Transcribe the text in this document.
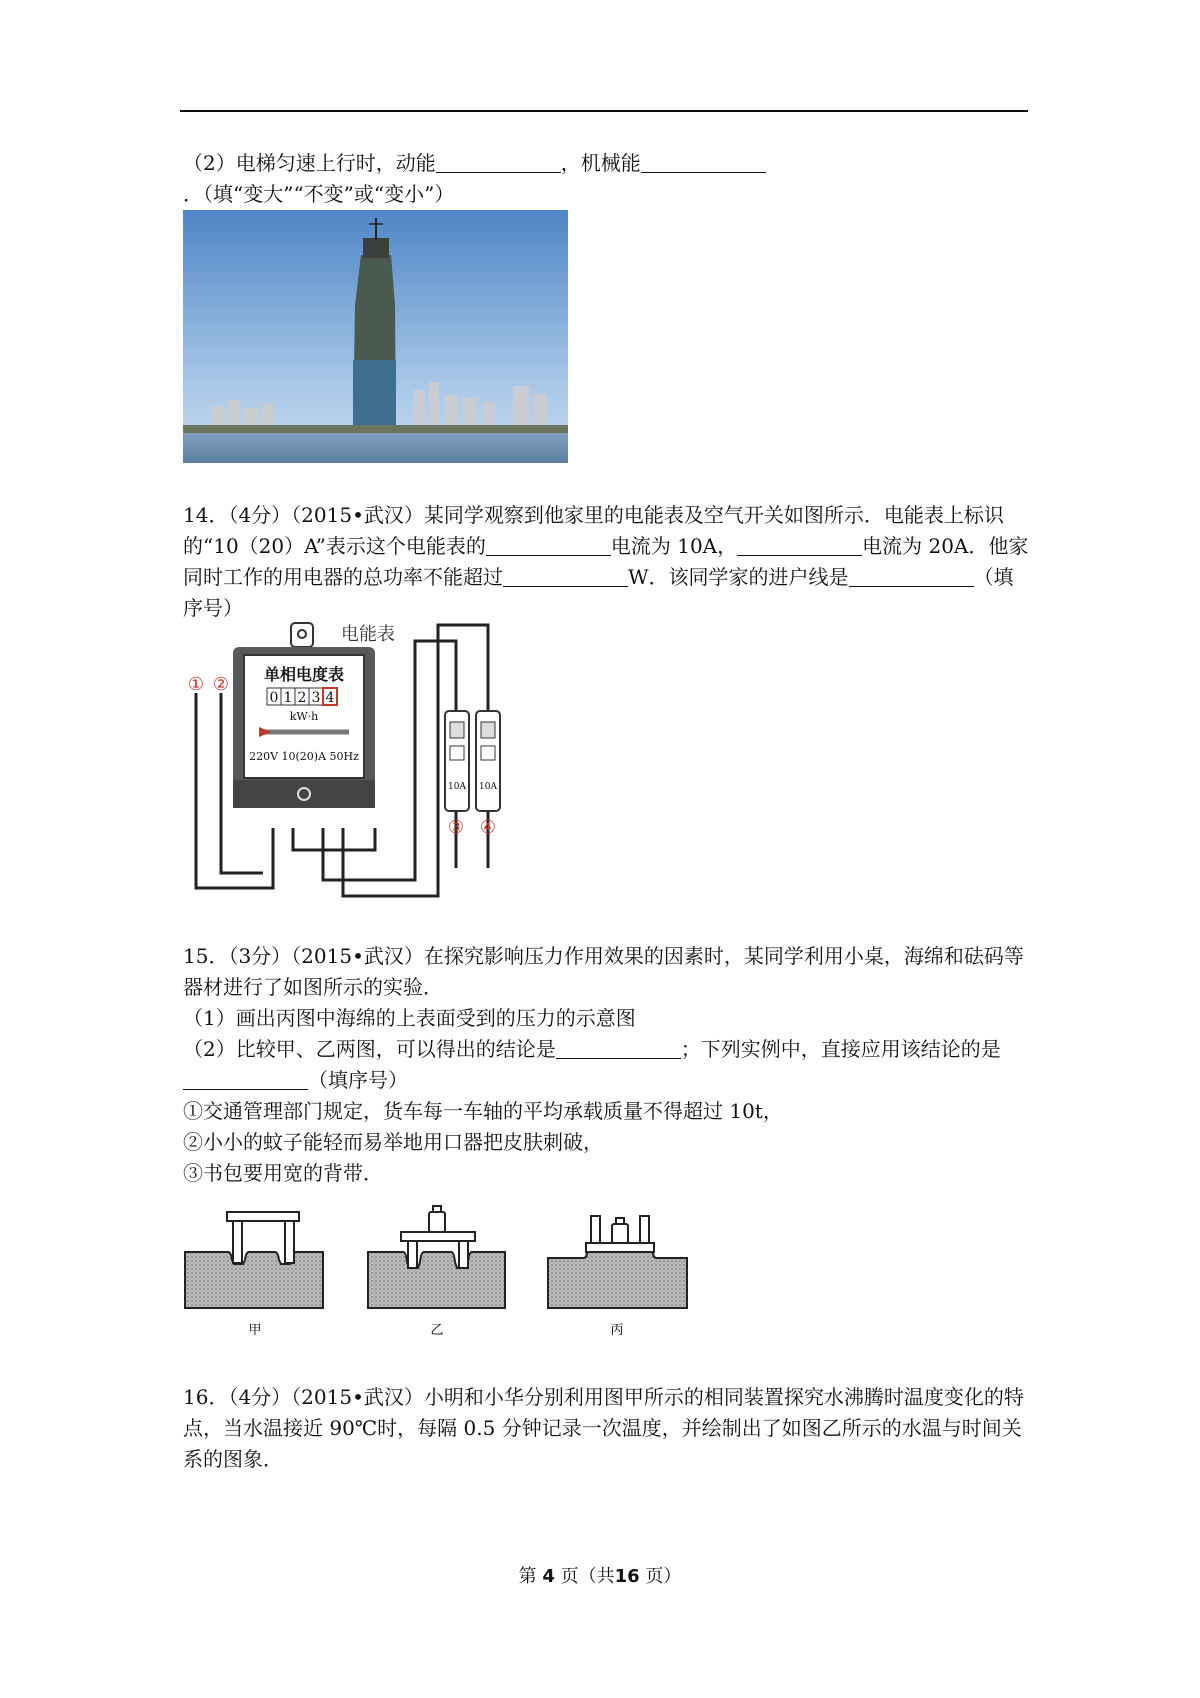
（2）电梯匀速上行时，动能	，机械能．（填“变大”“不变”或“变小”）

14．（4分）（2015•武汉）某同学观察到他家里的电能表及空气开关如图所示．电能表上标识的“10（20）A”表示这个电能表的	电流为 10A，	电流为 20A．他家同时工作的用电器的总功率不能超过	W．该同学家的进户线是	（填序号）

电能表
单相电度表
0 1 2 3 4
kW·h
220V 10(20)A 50Hz
10A 10A
① ②
③ ④

15．（3分）（2015•武汉）在探究影响压力作用效果的因素时，某同学利用小桌，海绵和砝码等器材进行了如图所示的实验．

（1）画出丙图中海绵的上表面受到的压力的示意图

（2）比较甲、乙两图，可以得出的结论是	；下列实例中，直接应用该结论的是（填序号）

①交通管理部门规定，货车每一车轴的平均承载质量不得超过 10t，

②小小的蚊子能轻而易举地用口器把皮肤刺破，

③书包要用宽的背带．

甲	乙	丙

16．（4分）（2015•武汉）小明和小华分别利用图甲所示的相同装置探究水沸腾时温度变化的特点，当水温接近 90℃时，每隔 0.5 分钟记录一次温度，并绘制出了如图乙所示的水温与时间关系的图象．

第 4 页（共16 页）
